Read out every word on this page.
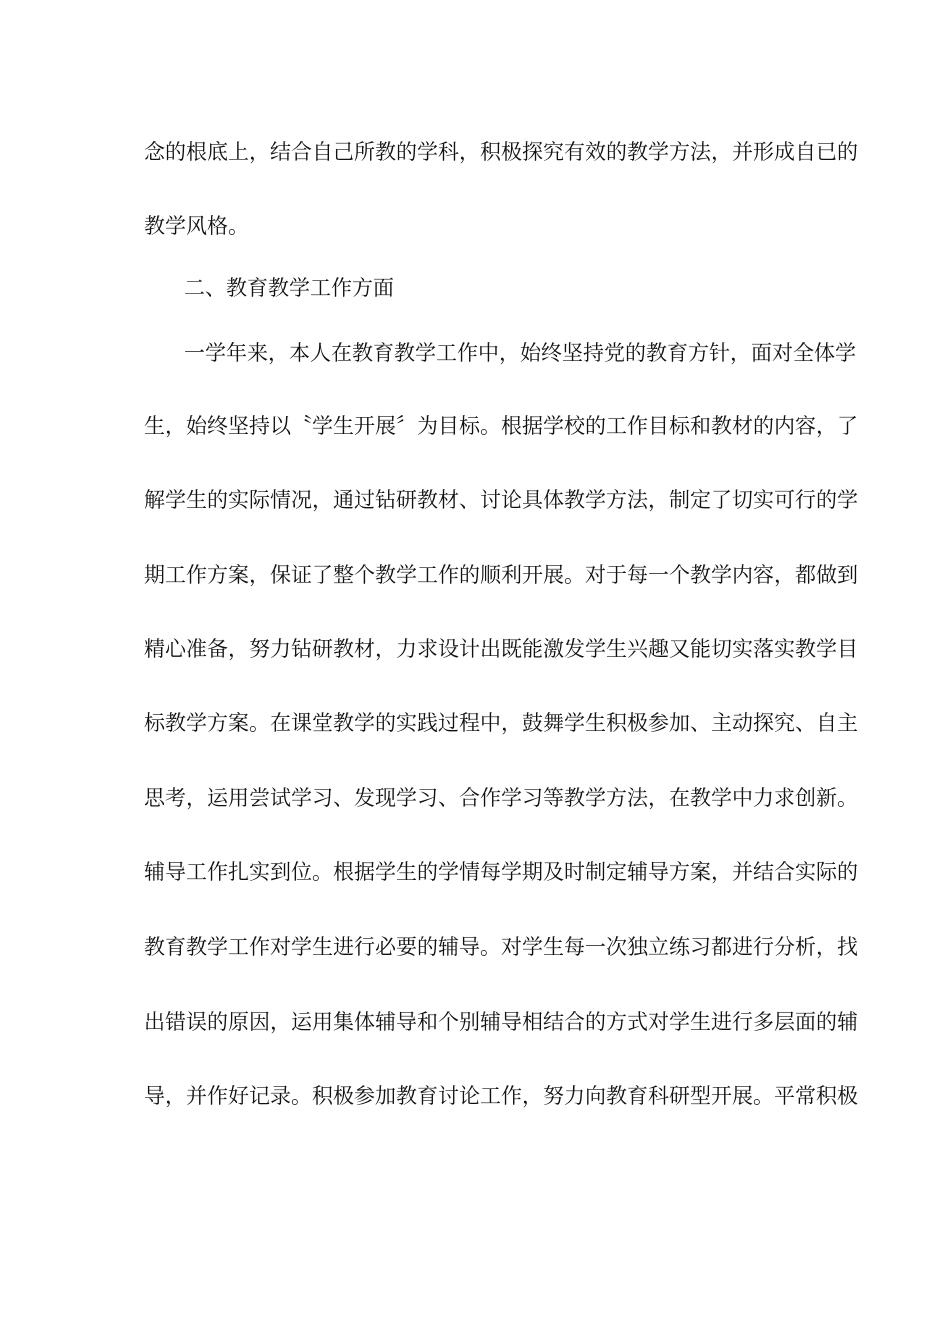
念的根底上，结合自己所教的学科，积极探究有效的教学方法，并形成自已的
教学风格。
二、教育教学工作方面
一学年来，本人在教育教学工作中，始终坚持党的教育方针，面对全体学
生，始终坚持以〝学生开展〞为目标。根据学校的工作目标和教材的内容，了
解学生的实际情况，通过钻研教材、讨论具体教学方法，制定了切实可行的学
期工作方案，保证了整个教学工作的顺利开展。对于每一个教学内容，都做到
精心准备，努力钻研教材，力求设计出既能激发学生兴趣又能切实落实教学目
标教学方案。在课堂教学的实践过程中，鼓舞学生积极参加、主动探究、自主
思考，运用尝试学习、发现学习、合作学习等教学方法，在教学中力求创新。
辅导工作扎实到位。根据学生的学情每学期及时制定辅导方案，并结合实际的
教育教学工作对学生进行必要的辅导。对学生每一次独立练习都进行分析，找
出错误的原因，运用集体辅导和个别辅导相结合的方式对学生进行多层面的辅
导，并作好记录。积极参加教育讨论工作，努力向教育科研型开展。平常积极
